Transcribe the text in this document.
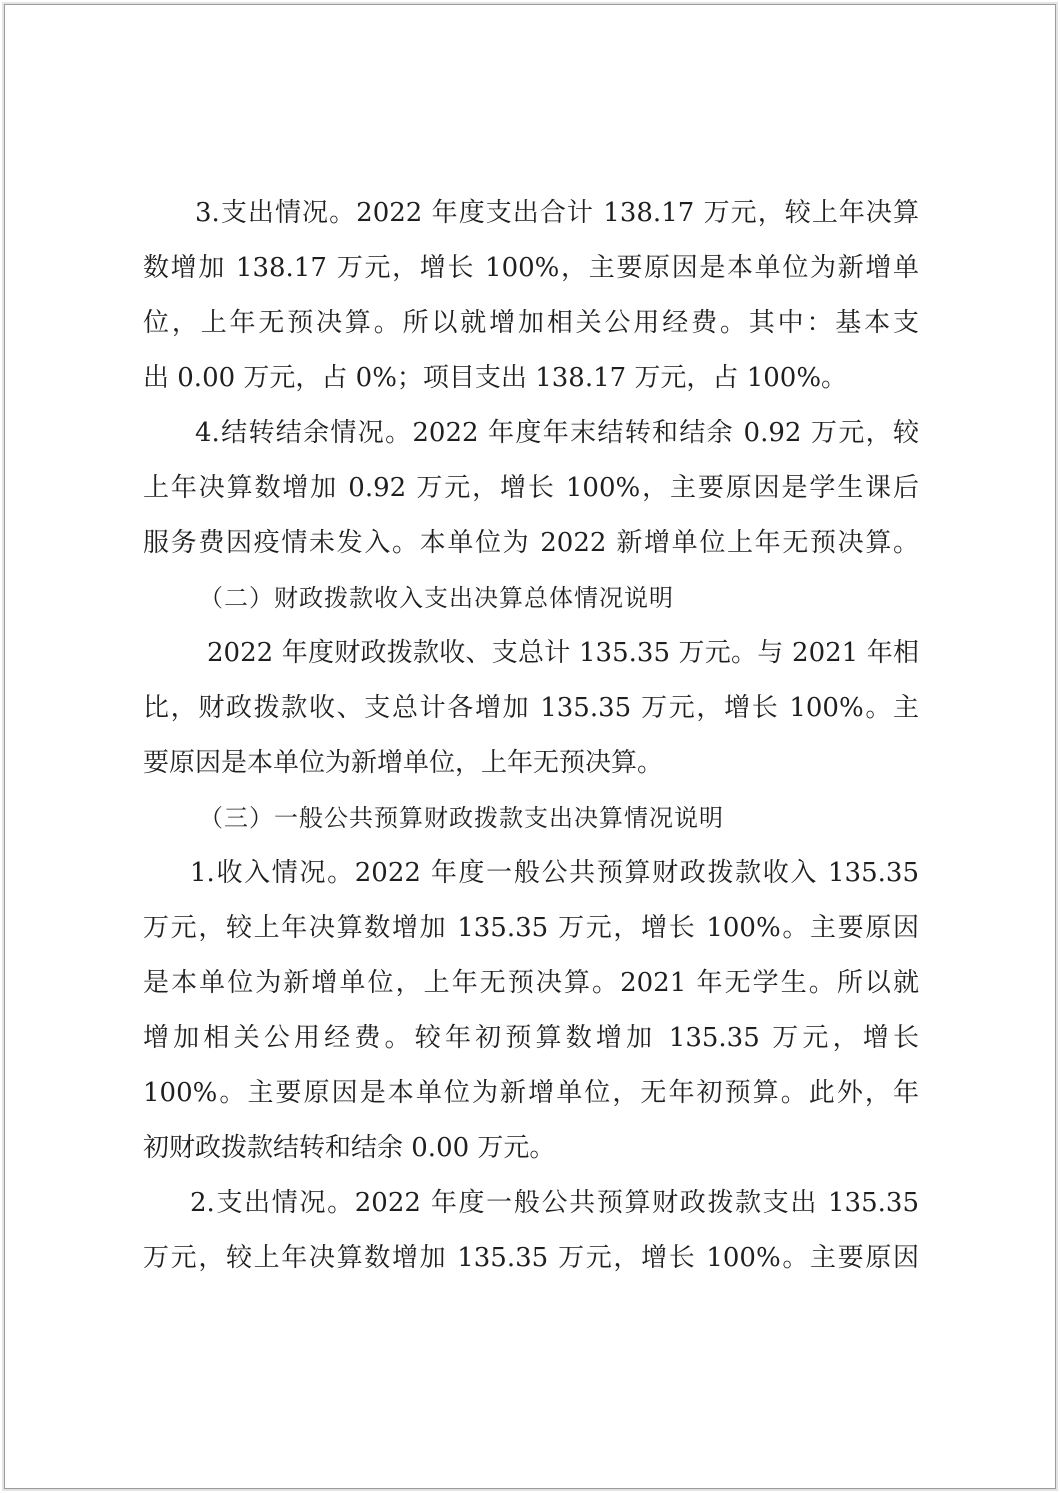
3.支出情况。2022 年度支出合计 138.17 万元，较上年决算
数增加 138.17 万元，增长 100%，主要原因是本单位为新增单
位，上年无预决算。所以就增加相关公用经费。其中：基本支
出 0.00 万元，占 0%；项目支出 138.17 万元，占 100%。
4.结转结余情况。2022 年度年末结转和结余 0.92 万元，较
上年决算数增加 0.92 万元，增长 100%，主要原因是学生课后
服务费因疫情未发入。本单位为 2022 新增单位上年无预决算。
（二）财政拨款收入支出决算总体情况说明
2022 年度财政拨款收、支总计 135.35 万元。与 2021 年相
比，财政拨款收、支总计各增加 135.35 万元，增长 100%。主
要原因是本单位为新增单位，上年无预决算。
（三）一般公共预算财政拨款支出决算情况说明
1.收入情况。2022 年度一般公共预算财政拨款收入 135.35
万元，较上年决算数增加 135.35 万元，增长 100%。主要原因
是本单位为新增单位，上年无预决算。2021 年无学生。所以就
增加相关公用经费。较年初预算数增加 135.35 万元，增长
100%。主要原因是本单位为新增单位，无年初预算。此外，年
初财政拨款结转和结余 0.00 万元。
2.支出情况。2022 年度一般公共预算财政拨款支出 135.35
万元，较上年决算数增加 135.35 万元，增长 100%。主要原因
